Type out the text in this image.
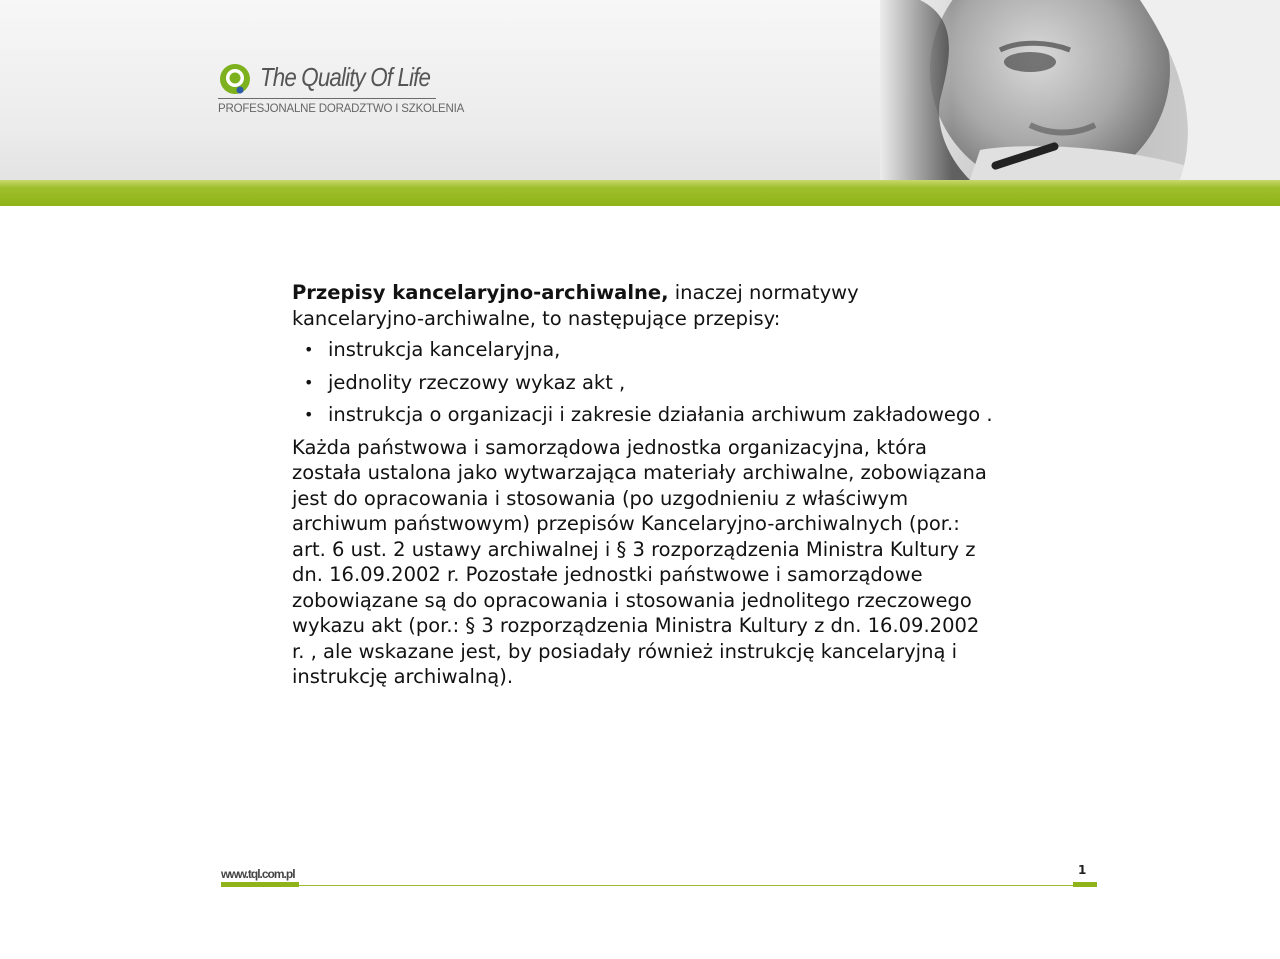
The Quality Of Life
PROFESJONALNE DORADZTWO I SZKOLENIA

Przepisy kancelaryjno-archiwalne, inaczej normatywy kancelaryjno-archiwalne, to następujące przepisy:

• instrukcja kancelaryjna,
• jednolity rzeczowy wykaz akt ,
• instrukcja o organizacji i zakresie działania archiwum zakładowego .

Każda państwowa i samorządowa jednostka organizacyjna, która została ustalona jako wytwarzająca materiały archiwalne, zobowiązana jest do opracowania i stosowania (po uzgodnieniu z właściwym archiwum państwowym) przepisów Kancelaryjno-archiwalnych (por.: art. 6 ust. 2 ustawy archiwalnej i § 3 rozporządzenia Ministra Kultury z dn. 16.09.2002 r. Pozostałe jednostki państwowe i samorządowe zobowiązane są do opracowania i stosowania jednolitego rzeczowego wykazu akt (por.: § 3 rozporządzenia Ministra Kultury z dn. 16.09.2002 r. , ale wskazane jest, by posiadały również instrukcję kancelaryjną i instrukcję archiwalną).

www.tql.com.pl	1
